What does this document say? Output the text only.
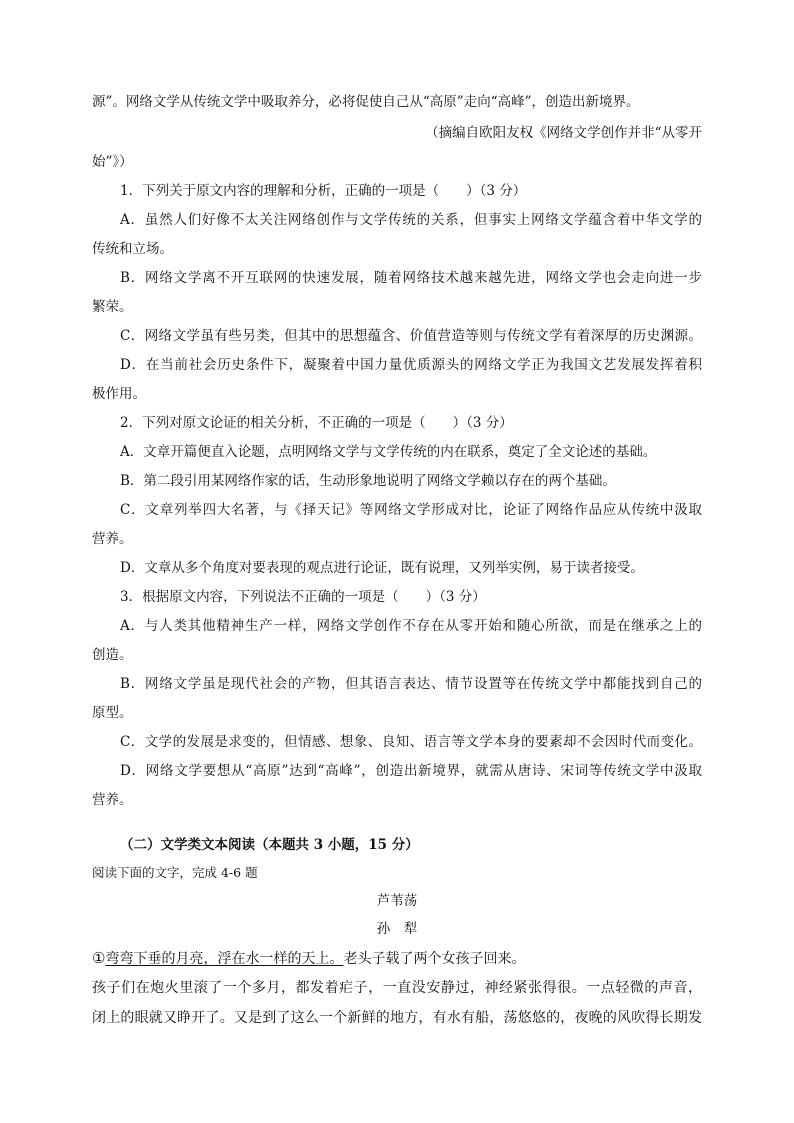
源”。网络文学从传统文学中吸取养分，必将促使自己从“高原”走向“高峰”，创造出新境界。
（摘编自欧阳友权《网络文学创作并非“从零开
始”》）
1．下列关于原文内容的理解和分析，正确的一项是（　　）（3 分）
A．虽然人们好像不太关注网络创作与文学传统的关系，但事实上网络文学蕴含着中华文学的
传统和立场。
B．网络文学离不开互联网的快速发展，随着网络技术越来越先进，网络文学也会走向进一步
繁荣。
C．网络文学虽有些另类，但其中的思想蕴含、价值营造等则与传统文学有着深厚的历史渊源。
D．在当前社会历史条件下，凝聚着中国力量优质源头的网络文学正为我国文艺发展发挥着积
极作用。
2．下列对原文论证的相关分析，不正确的一项是（　　）（3 分）
A．文章开篇便直入论题，点明网络文学与文学传统的内在联系，奠定了全文论述的基础。
B．第二段引用某网络作家的话，生动形象地说明了网络文学赖以存在的两个基础。
C．文章列举四大名著，与《择天记》等网络文学形成对比，论证了网络作品应从传统中汲取
营养。
D．文章从多个角度对要表现的观点进行论证，既有说理，又列举实例，易于读者接受。
3．根据原文内容，下列说法不正确的一项是（　　）（3 分）
A．与人类其他精神生产一样，网络文学创作不存在从零开始和随心所欲，而是在继承之上的
创造。
B．网络文学虽是现代社会的产物，但其语言表达、情节设置等在传统文学中都能找到自己的
原型。
C．文学的发展是求变的，但情感、想象、良知、语言等文学本身的要素却不会因时代而变化。
D．网络文学要想从“高原”达到“高峰”，创造出新境界，就需从唐诗、宋词等传统文学中汲取
营养。
（二）文学类文本阅读（本题共 3 小题，15 分）
阅读下面的文字，完成 4-6 题
芦苇荡
孙　犁
①弯弯下垂的月亮，浮在水一样的天上。老头子载了两个女孩子回来。
孩子们在炮火里滚了一个多月，都发着疟子，一直没安静过，神经紧张得很。一点轻微的声音，
闭上的眼就又睁开了。又是到了这么一个新鲜的地方，有水有船，荡悠悠的，夜晚的风吹得长期发
